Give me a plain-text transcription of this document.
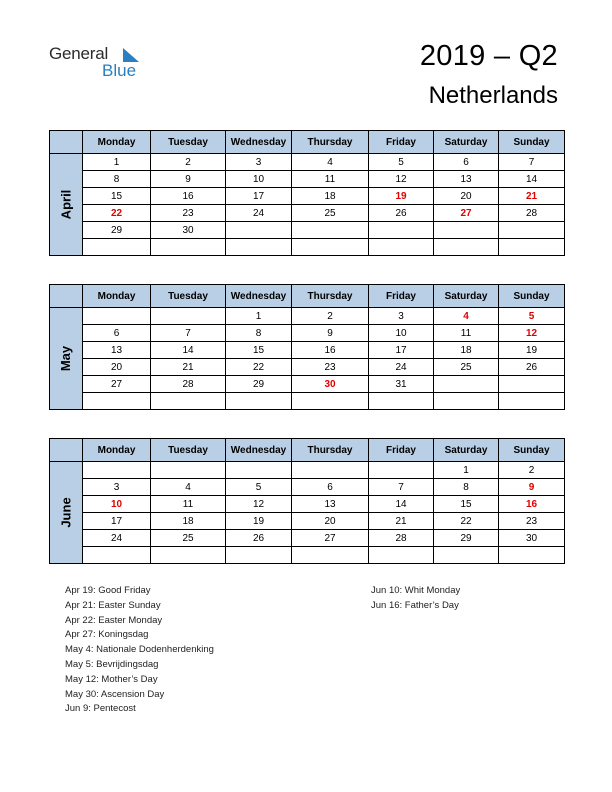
General
Blue	2019 – Q2
Netherlands
	Monday	Tuesday	Wednesday	Thursday	Friday	Saturday	Sunday
April	1	2	3	4	5	6	7
	8	9	10	11	12	13	14
	15	16	17	18	19	20	21
	22	23	24	25	26	27	28
	29	30					

	Monday	Tuesday	Wednesday	Thursday	Friday	Saturday	Sunday
May			1	2	3	4	5
	6	7	8	9	10	11	12
	13	14	15	16	17	18	19
	20	21	22	23	24	25	26
	27	28	29	30	31		

	Monday	Tuesday	Wednesday	Thursday	Friday	Saturday	Sunday
June						1	2
	3	4	5	6	7	8	9
	10	11	12	13	14	15	16
	17	18	19	20	21	22	23
	24	25	26	27	28	29	30

Apr 19: Good Friday
Apr 21: Easter Sunday
Apr 22: Easter Monday
Apr 27: Koningsdag
May 4: Nationale Dodenherdenking
May 5: Bevrijdingsdag
May 12: Mother’s Day
May 30: Ascension Day
Jun 9: Pentecost
Jun 10: Whit Monday
Jun 16: Father’s Day
